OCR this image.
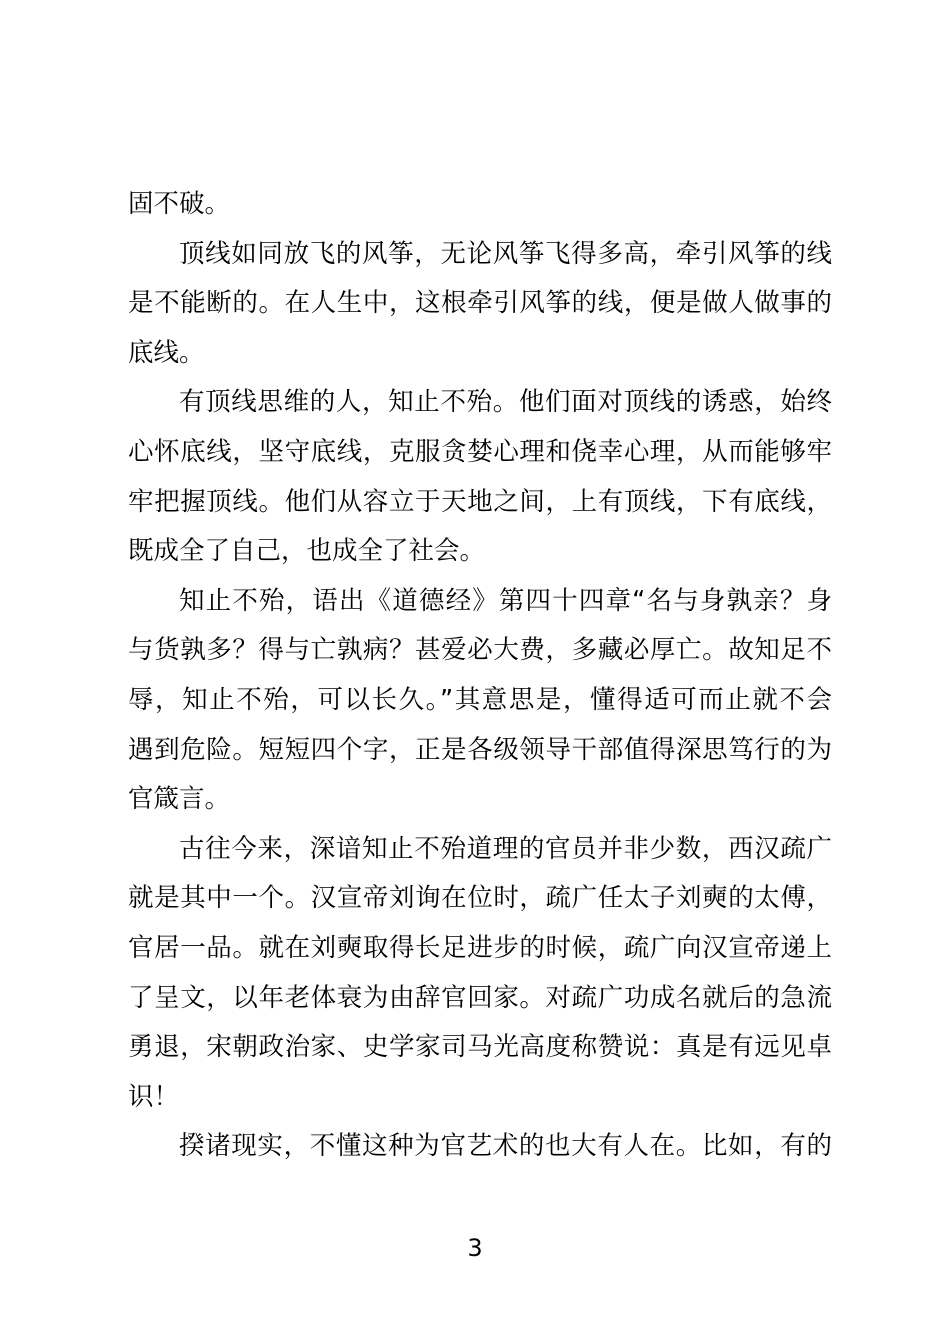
固不破。
顶线如同放飞的风筝，无论风筝飞得多高，牵引风筝的线
是不能断的。在人生中，这根牵引风筝的线，便是做人做事的
底线。
有顶线思维的人，知止不殆。他们面对顶线的诱惑，始终
心怀底线，坚守底线，克服贪婪心理和侥幸心理，从而能够牢
牢把握顶线。他们从容立于天地之间，上有顶线，下有底线，
既成全了自己，也成全了社会。
知止不殆，语出《道德经》第四十四章“名与身孰亲？身
与货孰多？得与亡孰病？甚爱必大费，多藏必厚亡。故知足不
辱，知止不殆，可以长久。”其意思是，懂得适可而止就不会
遇到危险。短短四个字，正是各级领导干部值得深思笃行的为
官箴言。
古往今来，深谙知止不殆道理的官员并非少数，西汉疏广
就是其中一个。汉宣帝刘询在位时，疏广任太子刘奭的太傅，
官居一品。就在刘奭取得长足进步的时候，疏广向汉宣帝递上
了呈文，以年老体衰为由辞官回家。对疏广功成名就后的急流
勇退，宋朝政治家、史学家司马光高度称赞说：真是有远见卓
识！
揆诸现实，不懂这种为官艺术的也大有人在。比如，有的
3
